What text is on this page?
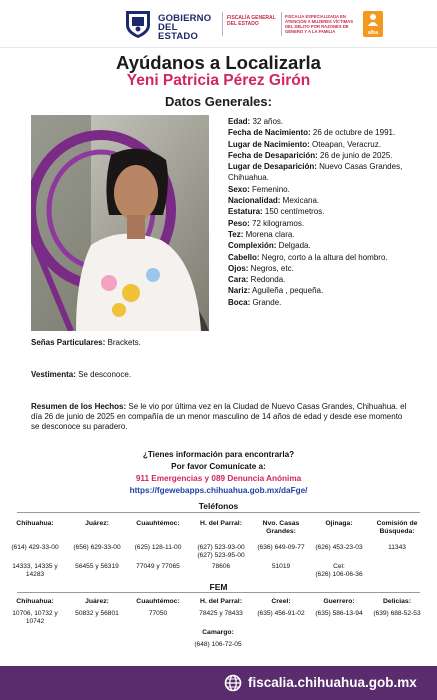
GOBIERNO DEL ESTADO
FISCALÍA GENERAL DEL ESTADO
FISCALÍA ESPECIALIZADA EN ATENCIÓN A MUJERES VÍCTIMAS DEL DELITO POR RAZONES DE GÉNERO Y A LA FAMILIA	alba
Ayúdanos a Localizarla
Yeni Patricia Pérez Girón
Datos Generales:
Edad: 32 años.
Fecha de Nacimiento: 26 de octubre de 1991.
Lugar de Nacimiento: Oteapan, Veracruz.
Fecha de Desaparición: 26 de junio de 2025.
Lugar de Desaparición: Nuevo Casas Grandes, Chihuahua.
Sexo: Femenino.
Nacionalidad: Mexicana.
Estatura: 150 centímetros.
Peso: 72 kilogramos.
Tez: Morena clara.
Complexión: Delgada.
Cabello: Negro, corto a la altura del hombro.
Ojos: Negros, etc.
Cara: Redonda.
Nariz: Aguileña , pequeña.
Boca: Grande.
Señas Particulares: Brackets.
Vestimenta: Se desconoce.
Resumen de los Hechos: Se le vio por última vez en la Ciudad de Nuevo Casas Grandes, Chihuahua. el día 26 de junio de 2025 en compañía de un menor masculino de 14 años de edad y desde ese momento se desconoce su paradero.
¿Tienes información para encontrarla?
Por favor Comunícate a:
911 Emergencias y 089 Denuncia Anónima
https://fgewebapps.chihuahua.gob.mx/daFge/
Teléfonos
Chihuahua:
(614) 429-33-00
14333, 14335 y 14283
Juárez:
(656) 629-33-00
56455 y 56319
Cuauhtémoc:
(625) 128-11-00
77049 y 77065
H. del Parral:
(627) 523-93-00
(627) 523-95-00
78606
Nvo. Casas Grandes:
(636) 649-09-77
51019
Ojinaga:
(626) 453-23-03
Cel:
(626) 106-06-36
Comisión de Búsqueda:
11343
FEM
Chihuahua:
10706, 10732 y 10742
Juárez:
50832 y 56801
Cuauhtémoc:
77050
H. del Parral:
78425 y 78433
Creel:
(635) 456-91-02
Guerrero:
(635) 586-13-94
Delicias:
(639) 688-52-53
Camargo:
(648) 106-72-05
fiscalia.chihuahua.gob.mx
